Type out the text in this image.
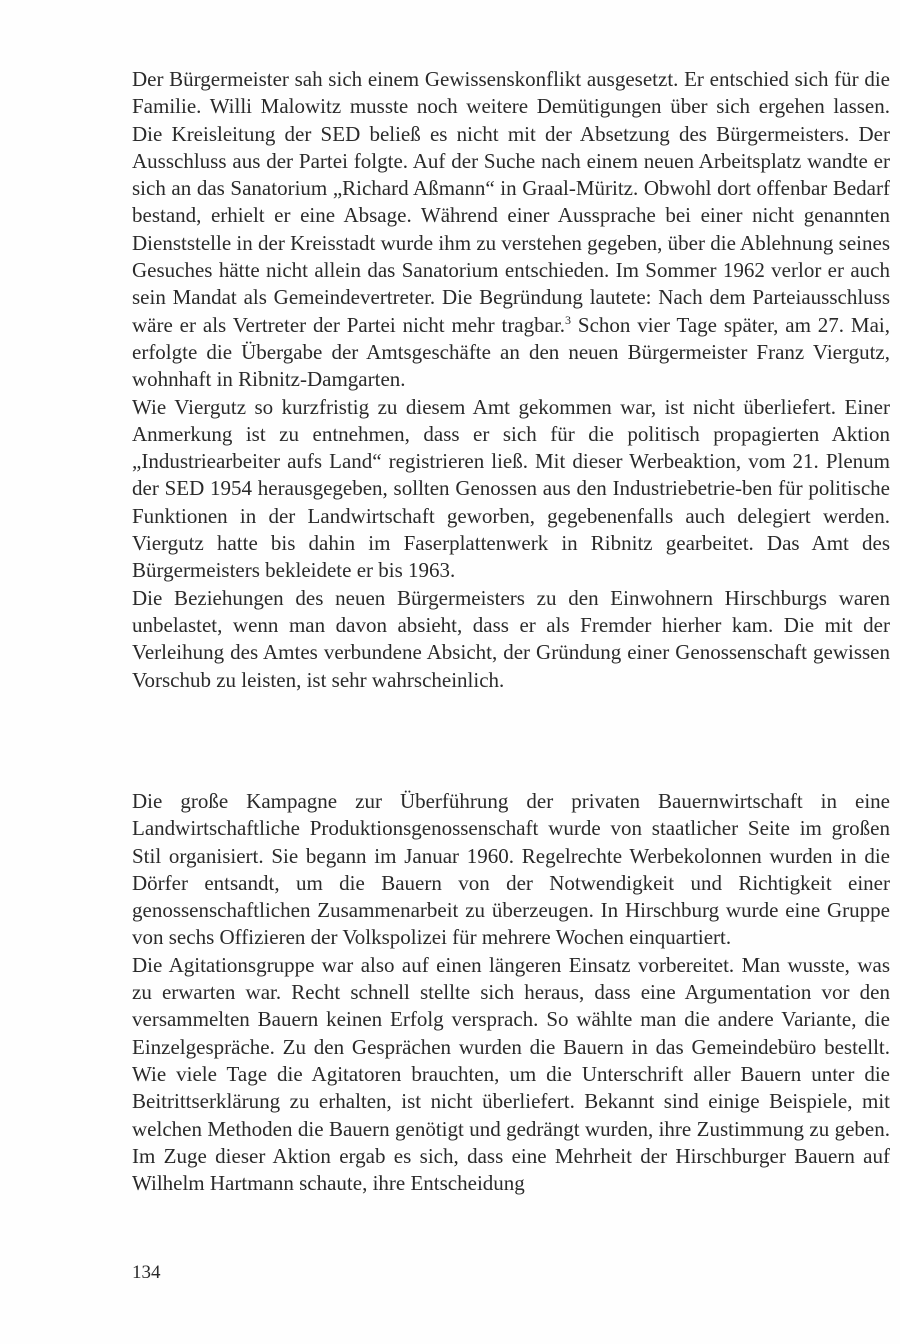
Der Bürgermeister sah sich einem Gewissenskonflikt ausgesetzt. Er entschied sich für die Familie. Willi Malowitz musste noch weitere Demütigungen über sich ergehen lassen. Die Kreisleitung der SED beließ es nicht mit der Absetzung des Bürgermeisters. Der Ausschluss aus der Partei folgte. Auf der Suche nach einem neuen Arbeitsplatz wandte er sich an das Sanatorium „Richard Aßmann“ in Graal-Müritz. Obwohl dort offenbar Bedarf bestand, erhielt er eine Absage. Während einer Aussprache bei einer nicht genannten Dienststelle in der Kreisstadt wurde ihm zu verstehen gegeben, über die Ablehnung seines Gesuches hätte nicht allein das Sanatorium entschieden. Im Sommer 1962 verlor er auch sein Mandat als Gemeindevertreter. Die Begründung lautete: Nach dem Parteiausschluss wäre er als Vertreter der Partei nicht mehr tragbar.$^3$ Schon vier Tage später, am 27. Mai, erfolgte die Übergabe der Amtsgeschäfte an den neuen Bürgermeister Franz Viergutz, wohnhaft in Ribnitz-Damgarten.

Wie Viergutz so kurzfristig zu diesem Amt gekommen war, ist nicht überliefert. Einer Anmerkung ist zu entnehmen, dass er sich für die politisch propagierten Aktion „Industriearbeiter aufs Land“ registrieren ließ. Mit dieser Werbeaktion, vom 21. Plenum der SED 1954 herausgegeben, sollten Genossen aus den Industriebetrie-ben für politische Funktionen in der Landwirtschaft geworben, gegebenenfalls auch delegiert werden. Viergutz hatte bis dahin im Faserplattenwerk in Ribnitz gearbeitet. Das Amt des Bürgermeisters bekleidete er bis 1963.

Die Beziehungen des neuen Bürgermeisters zu den Einwohnern Hirschburgs waren unbelastet, wenn man davon absieht, dass er als Fremder hierher kam. Die mit der Verleihung des Amtes verbundene Absicht, der Gründung einer Genossenschaft gewissen Vorschub zu leisten, ist sehr wahrscheinlich.

Die große Kampagne zur Überführung der privaten Bauernwirtschaft in eine Landwirtschaftliche Produktionsgenossenschaft wurde von staatlicher Seite im großen Stil organisiert. Sie begann im Januar 1960. Regelrechte Werbekolonnen wurden in die Dörfer entsandt, um die Bauern von der Notwendigkeit und Richtigkeit einer genossenschaftlichen Zusammenarbeit zu überzeugen. In Hirschburg wurde eine Gruppe von sechs Offizieren der Volkspolizei für mehrere Wochen einquartiert.

Die Agitationsgruppe war also auf einen längeren Einsatz vorbereitet. Man wusste, was zu erwarten war. Recht schnell stellte sich heraus, dass eine Argumentation vor den versammelten Bauern keinen Erfolg versprach. So wählte man die andere Variante, die Einzelgespräche. Zu den Gesprächen wurden die Bauern in das Gemeindebüro bestellt. Wie viele Tage die Agitatoren brauchten, um die Unterschrift aller Bauern unter die Beitrittserklärung zu erhalten, ist nicht überliefert. Bekannt sind einige Beispiele, mit welchen Methoden die Bauern genötigt und gedrängt wurden, ihre Zustimmung zu geben. Im Zuge dieser Aktion ergab es sich, dass eine Mehrheit der Hirschburger Bauern auf Wilhelm Hartmann schaute, ihre Entscheidung

134
